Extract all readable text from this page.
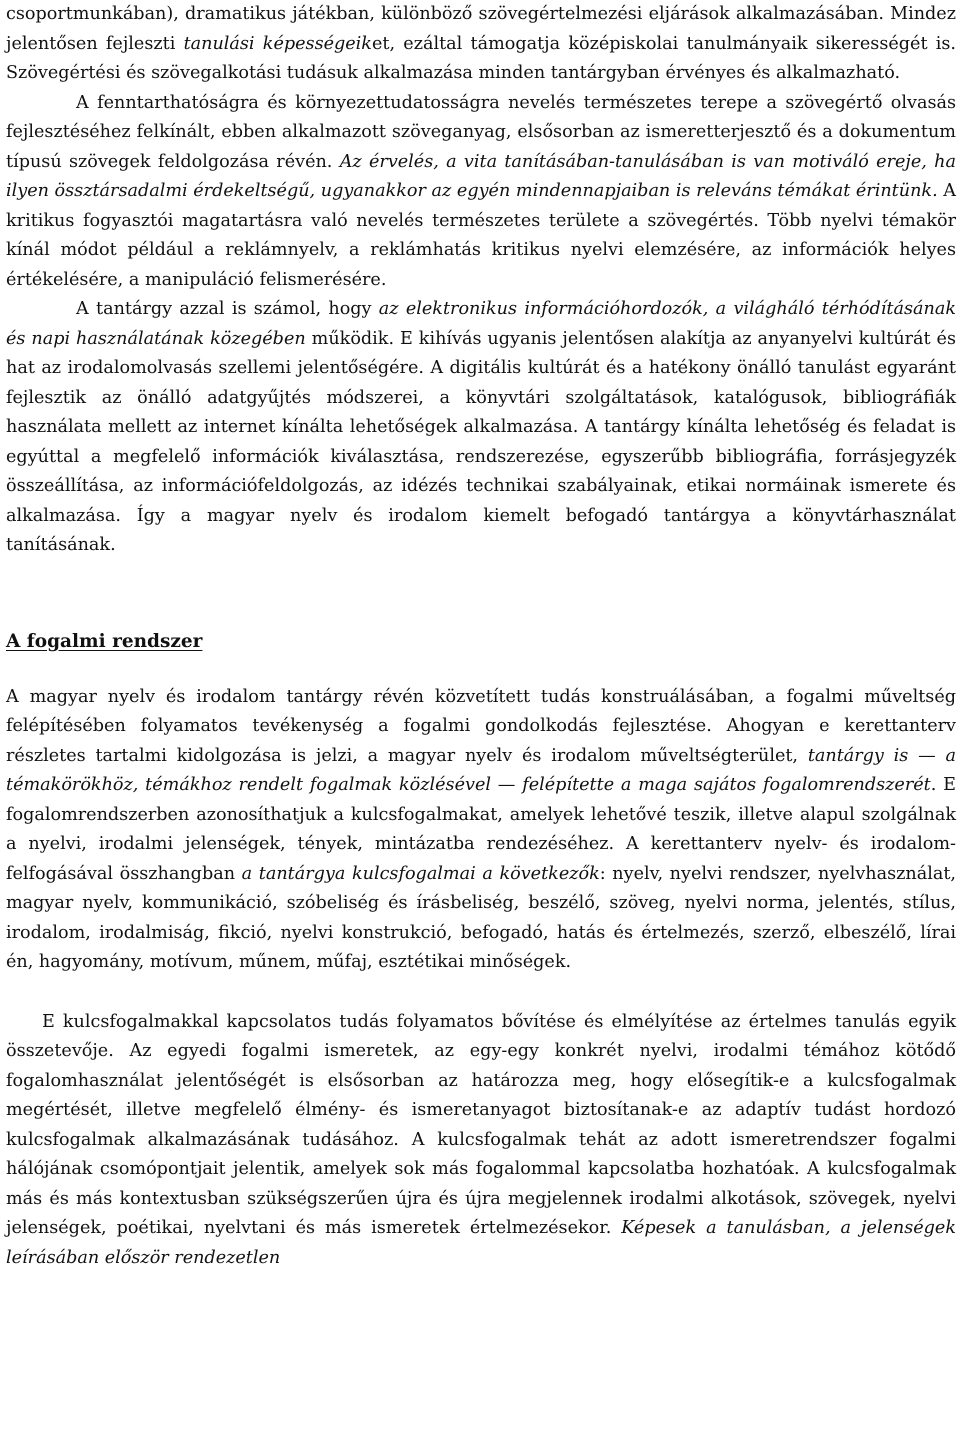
csoportmunkában), dramatikus játékban, különböző szövegértelmezési eljárások alkalmazásában. Mindez jelentősen fejleszti tanulási képességeiket, ezáltal támogatja középiskolai tanulmányaik sikerességét is. Szövegértési és szövegalkotási tudásuk alkalmazása minden tantárgyban érvényes és alkalmazható.

A fenntarthatóságra és környezettudatosságra nevelés természetes terepe a szövegértő olvasás fejlesztéséhez felkínált, ebben alkalmazott szöveganyag, elsősorban az ismeretterjesztő és a dokumentum típusú szövegek feldolgozása révén. Az érvelés, a vita tanításában-tanulásában is van motiváló ereje, ha ilyen össztársadalmi érdekeltségű, ugyanakkor az egyén mindennapjaiban is releváns témákat érintünk. A kritikus fogyasztói magatartásra való nevelés természetes területe a szövegértés. Több nyelvi témakör kínál módot például a reklámnyelv, a reklámhatás kritikus nyelvi elemzésére, az információk helyes értékelésére, a manipuláció felismerésére.

A tantárgy azzal is számol, hogy az elektronikus információhordozók, a világháló térhódításának és napi használatának közegében működik. E kihívás ugyanis jelentősen alakítja az anyanyelvi kultúrát és hat az irodalomolvasás szellemi jelentőségére. A digitális kultúrát és a hatékony önálló tanulást egyaránt fejlesztik az önálló adatgyűjtés módszerei, a könyvtári szolgáltatások, katalógusok, bibliográfiák használata mellett az internet kínálta lehetőségek alkalmazása. A tantárgy kínálta lehetőség és feladat is egyúttal a megfelelő információk kiválasztása, rendszerezése, egyszerűbb bibliográfia, forrásjegyzék összeállítása, az információfeldolgozás, az idézés technikai szabályainak, etikai normáinak ismerete és alkalmazása. Így a magyar nyelv és irodalom kiemelt befogadó tantárgya a könyvtárhasználat tanításának.

A fogalmi rendszer

A magyar nyelv és irodalom tantárgy révén közvetített tudás konstruálásában, a fogalmi műveltség felépítésében folyamatos tevékenység a fogalmi gondolkodás fejlesztése. Ahogyan e kerettanterv részletes tartalmi kidolgozása is jelzi, a magyar nyelv és irodalom műveltségterület, tantárgy is — a témakörökhöz, témákhoz rendelt fogalmak közlésével — felépítette a maga sajátos fogalomrendszerét. E fogalomrendszerben azonosíthatjuk a kulcsfogalmakat, amelyek lehetővé teszik, illetve alapul szolgálnak a nyelvi, irodalmi jelenségek, tények, mintázatba rendezéséhez. A kerettanterv nyelv- és irodalom-felfogásával összhangban a tantárgya kulcsfogalmai a következők: nyelv, nyelvi rendszer, nyelvhasználat, magyar nyelv, kommunikáció, szóbeliség és írásbeliség, beszélő, szöveg, nyelvi norma, jelentés, stílus, irodalom, irodalmiság, fikció, nyelvi konstrukció, befogadó, hatás és értelmezés, szerző, elbeszélő, lírai én, hagyomány, motívum, műnem, műfaj, esztétikai minőségek.

E kulcsfogalmakkal kapcsolatos tudás folyamatos bővítése és elmélyítése az értelmes tanulás egyik összetevője. Az egyedi fogalmi ismeretek, az egy-egy konkrét nyelvi, irodalmi témához kötődő fogalomhasználat jelentőségét is elsősorban az határozza meg, hogy elősegítik-e a kulcsfogalmak megértését, illetve megfelelő élmény- és ismeretanyagot biztosítanak-e az adaptív tudást hordozó kulcsfogalmak alkalmazásának tudásához. A kulcsfogalmak tehát az adott ismeretrendszer fogalmi hálójának csomópontjait jelentik, amelyek sok más fogalommal kapcsolatba hozhatóak. A kulcsfogalmak más és más kontextusban szükségszerűen újra és újra megjelennek irodalmi alkotások, szövegek, nyelvi jelenségek, poétikai, nyelvtani és más ismeretek értelmezésekor. Képesek a tanulásban, a jelenségek leírásában először rendezetlen
